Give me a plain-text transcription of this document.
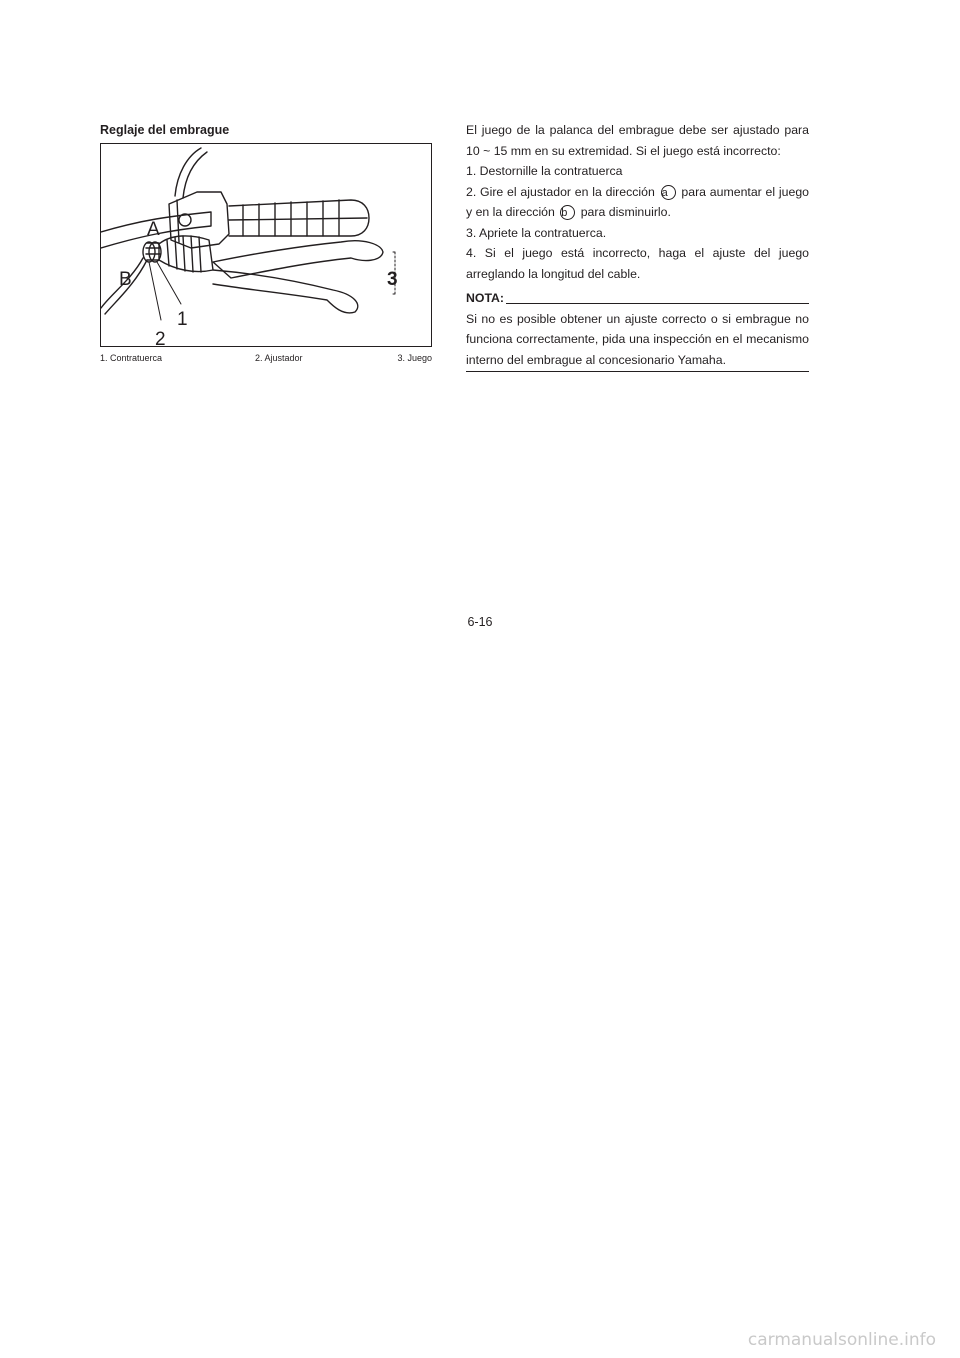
Reglaje del embrague
A
B
1
2
3

1. Contratuerca	2. Ajustador	3. Juego

El juego de la palanca del embrague debe ser ajustado para 10 ~ 15 mm en su extremidad. Si el juego está incorrecto:

1. Destornille la contratuerca

2. Gire el ajustador en la dirección a para aumentar el juego y en la dirección b para disminuirlo.

3. Apriete la contratuerca.

4. Si el juego está incorrecto, haga el ajuste del juego arreglando la longitud del cable.

NOTA:

Si no es posible obtener un ajuste correcto o si embrague no funciona correctamente, pida una inspección en el mecanismo interno del embrague al concesionario Yamaha.

6-16

carmanualsonline.info
